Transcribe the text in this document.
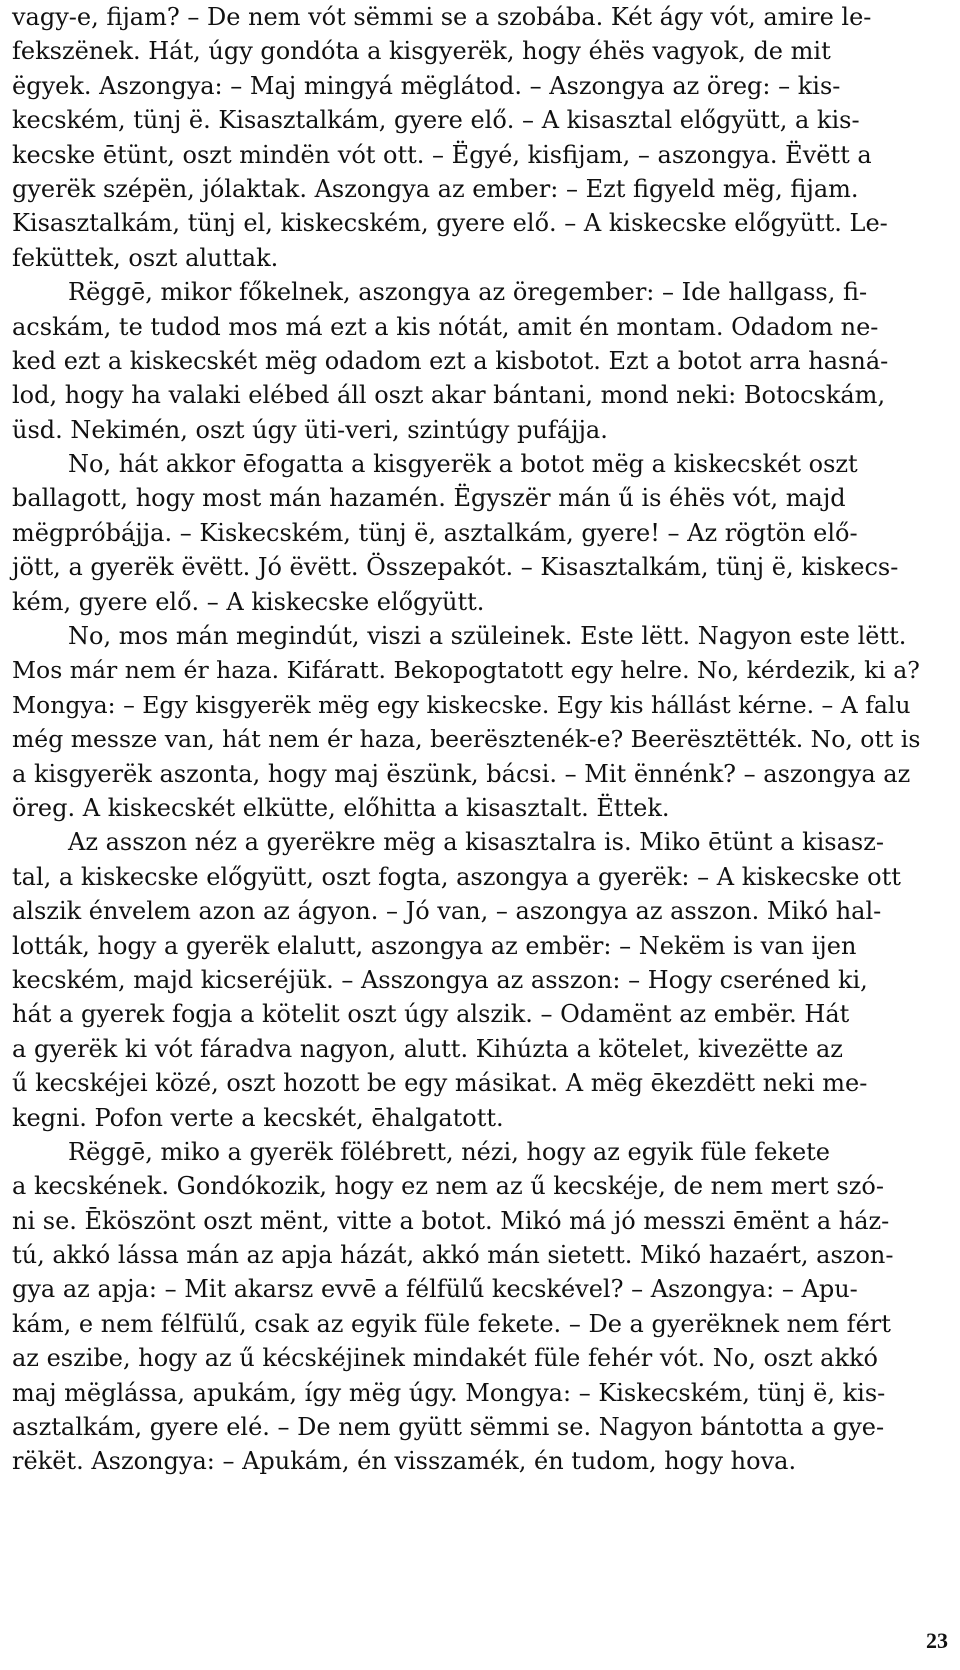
vagy-e, fijam? – De nem vót sëmmi se a szobába. Két ágy vót, amire le-
fekszënek. Hát, úgy gondóta a kisgyerëk, hogy éhës vagyok, de mit
ëgyek. Aszongya: – Maj mingyá mëglátod. – Aszongya az öreg: – kis-
kecském, tünj ë. Kisasztalkám, gyere elő. – A kisasztal előgyütt, a kis-
kecske ētünt, oszt mindën vót ott. – Ëgyé, kisfijam, – aszongya. Ëvëtt a
gyerëk szépën, jólaktak. Aszongya az ember: – Ezt figyeld mëg, fijam.
Kisasztalkám, tünj el, kiskecském, gyere elő. – A kiskecske előgyütt. Le-
feküttek, oszt aluttak.
Rëggē, mikor főkelnek, aszongya az öregember: – Ide hallgass, fi-
acskám, te tudod mos má ezt a kis nótát, amit én montam. Odadom ne-
ked ezt a kiskecskét mëg odadom ezt a kisbotot. Ezt a botot arra hasná-
lod, hogy ha valaki elébed áll oszt akar bántani, mond neki: Botocskám,
üsd. Nekimén, oszt úgy üti-veri, szintúgy pufájja.
No, hát akkor ēfogatta a kisgyerëk a botot mëg a kiskecskét oszt
ballagott, hogy most mán hazamén. Ëgyszër mán ű is éhës vót, majd
mëgpróbájja. – Kiskecském, tünj ë, asztalkám, gyere! – Az rögtön elő-
jött, a gyerëk ëvëtt. Jó ëvëtt. Összepakót. – Kisasztalkám, tünj ë, kiskecs-
kém, gyere elő. – A kiskecske előgyütt.
No, mos mán megindút, viszi a szüleinek. Este lëtt. Nagyon este lëtt.
Mos már nem ér haza. Kifáratt. Bekopogtatott egy helre. No, kérdezik, ki a?
Mongya: – Egy kisgyerëk mëg egy kiskecske. Egy kis hállást kérne. – A falu
még messze van, hát nem ér haza, beerësztenék-e? Beerësztëtték. No, ott is
a kisgyerëk aszonta, hogy maj ëszünk, bácsi. – Mit ënnénk? – aszongya az
öreg. A kiskecskét elkütte, előhitta a kisasztalt. Ëttek.
Az asszon néz a gyerëkre mëg a kisasztalra is. Miko ētünt a kisasz-
tal, a kiskecske előgyütt, oszt fogta, aszongya a gyerëk: – A kiskecske ott
alszik énvelem azon az ágyon. – Jó van, – aszongya az asszon. Mikó hal-
lották, hogy a gyerëk elalutt, aszongya az embër: – Nekëm is van ijen
kecském, majd kicseréjük. – Asszongya az asszon: – Hogy cseréned ki,
hát a gyerek fogja a kötelit oszt úgy alszik. – Odamënt az embër. Hát
a gyerëk ki vót fáradva nagyon, alutt. Kihúzta a kötelet, kivezëtte az
ű kecskéjei közé, oszt hozott be egy másikat. A mëg ēkezdëtt neki me-
kegni. Pofon verte a kecskét, ēhalgatott.
Rëggē, miko a gyerëk fölébrett, nézi, hogy az egyik füle fekete
a kecskének. Gondókozik, hogy ez nem az ű kecskéje, de nem mert szó-
ni se. Ēköszönt oszt mënt, vitte a botot. Mikó má jó messzi ēmënt a ház-
tú, akkó lássa mán az apja házát, akkó mán sietett. Mikó hazaért, aszon-
gya az apja: – Mit akarsz evvē a félfülű kecskével? – Aszongya: – Apu-
kám, e nem félfülű, csak az egyik füle fekete. – De a gyerëknek nem fért
az eszibe, hogy az ű kécskéjinek mindakét füle fehér vót. No, oszt akkó
maj mëglássa, apukám, így mëg úgy. Mongya: – Kiskecském, tünj ë, kis-
asztalkám, gyere elé. – De nem gyütt sëmmi se. Nagyon bántotta a gye-
rëkët. Aszongya: – Apukám, én visszamék, én tudom, hogy hova.
23
